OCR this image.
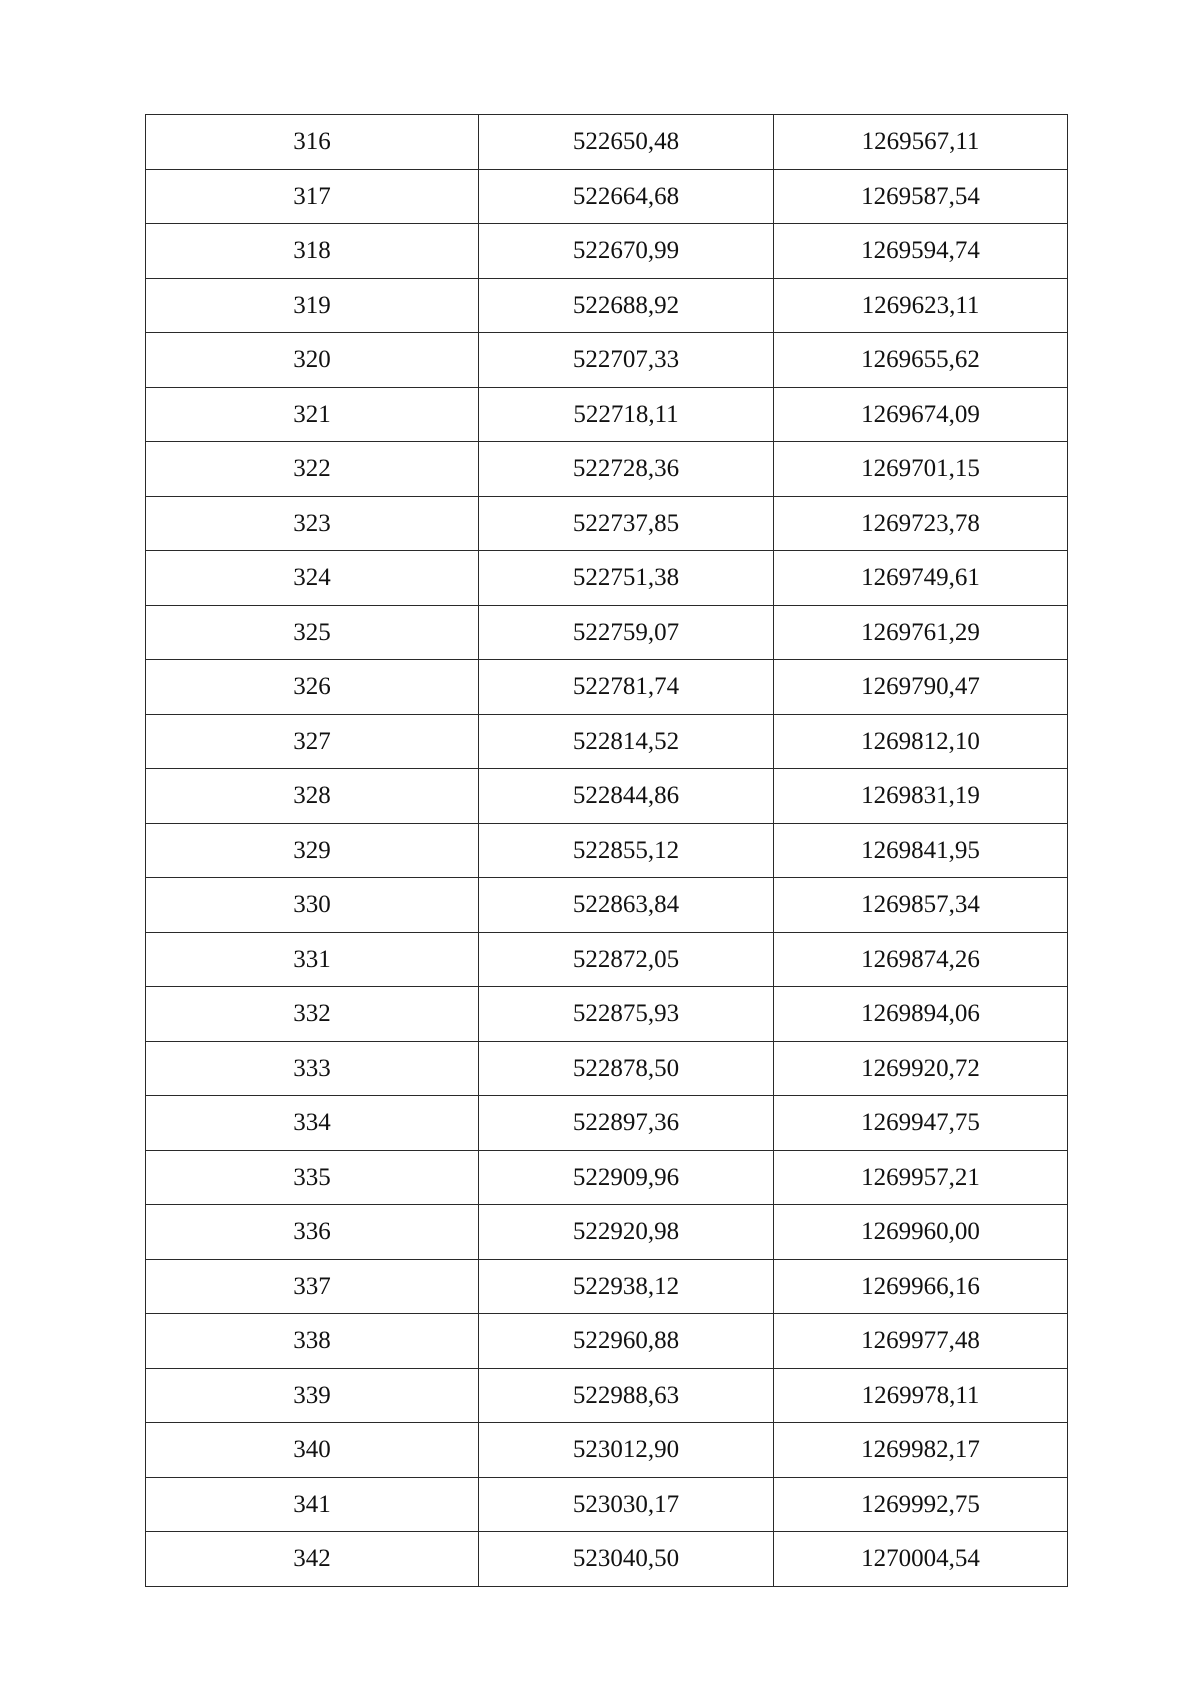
316	522650,48	1269567,11
317	522664,68	1269587,54
318	522670,99	1269594,74
319	522688,92	1269623,11
320	522707,33	1269655,62
321	522718,11	1269674,09
322	522728,36	1269701,15
323	522737,85	1269723,78
324	522751,38	1269749,61
325	522759,07	1269761,29
326	522781,74	1269790,47
327	522814,52	1269812,10
328	522844,86	1269831,19
329	522855,12	1269841,95
330	522863,84	1269857,34
331	522872,05	1269874,26
332	522875,93	1269894,06
333	522878,50	1269920,72
334	522897,36	1269947,75
335	522909,96	1269957,21
336	522920,98	1269960,00
337	522938,12	1269966,16
338	522960,88	1269977,48
339	522988,63	1269978,11
340	523012,90	1269982,17
341	523030,17	1269992,75
342	523040,50	1270004,54
